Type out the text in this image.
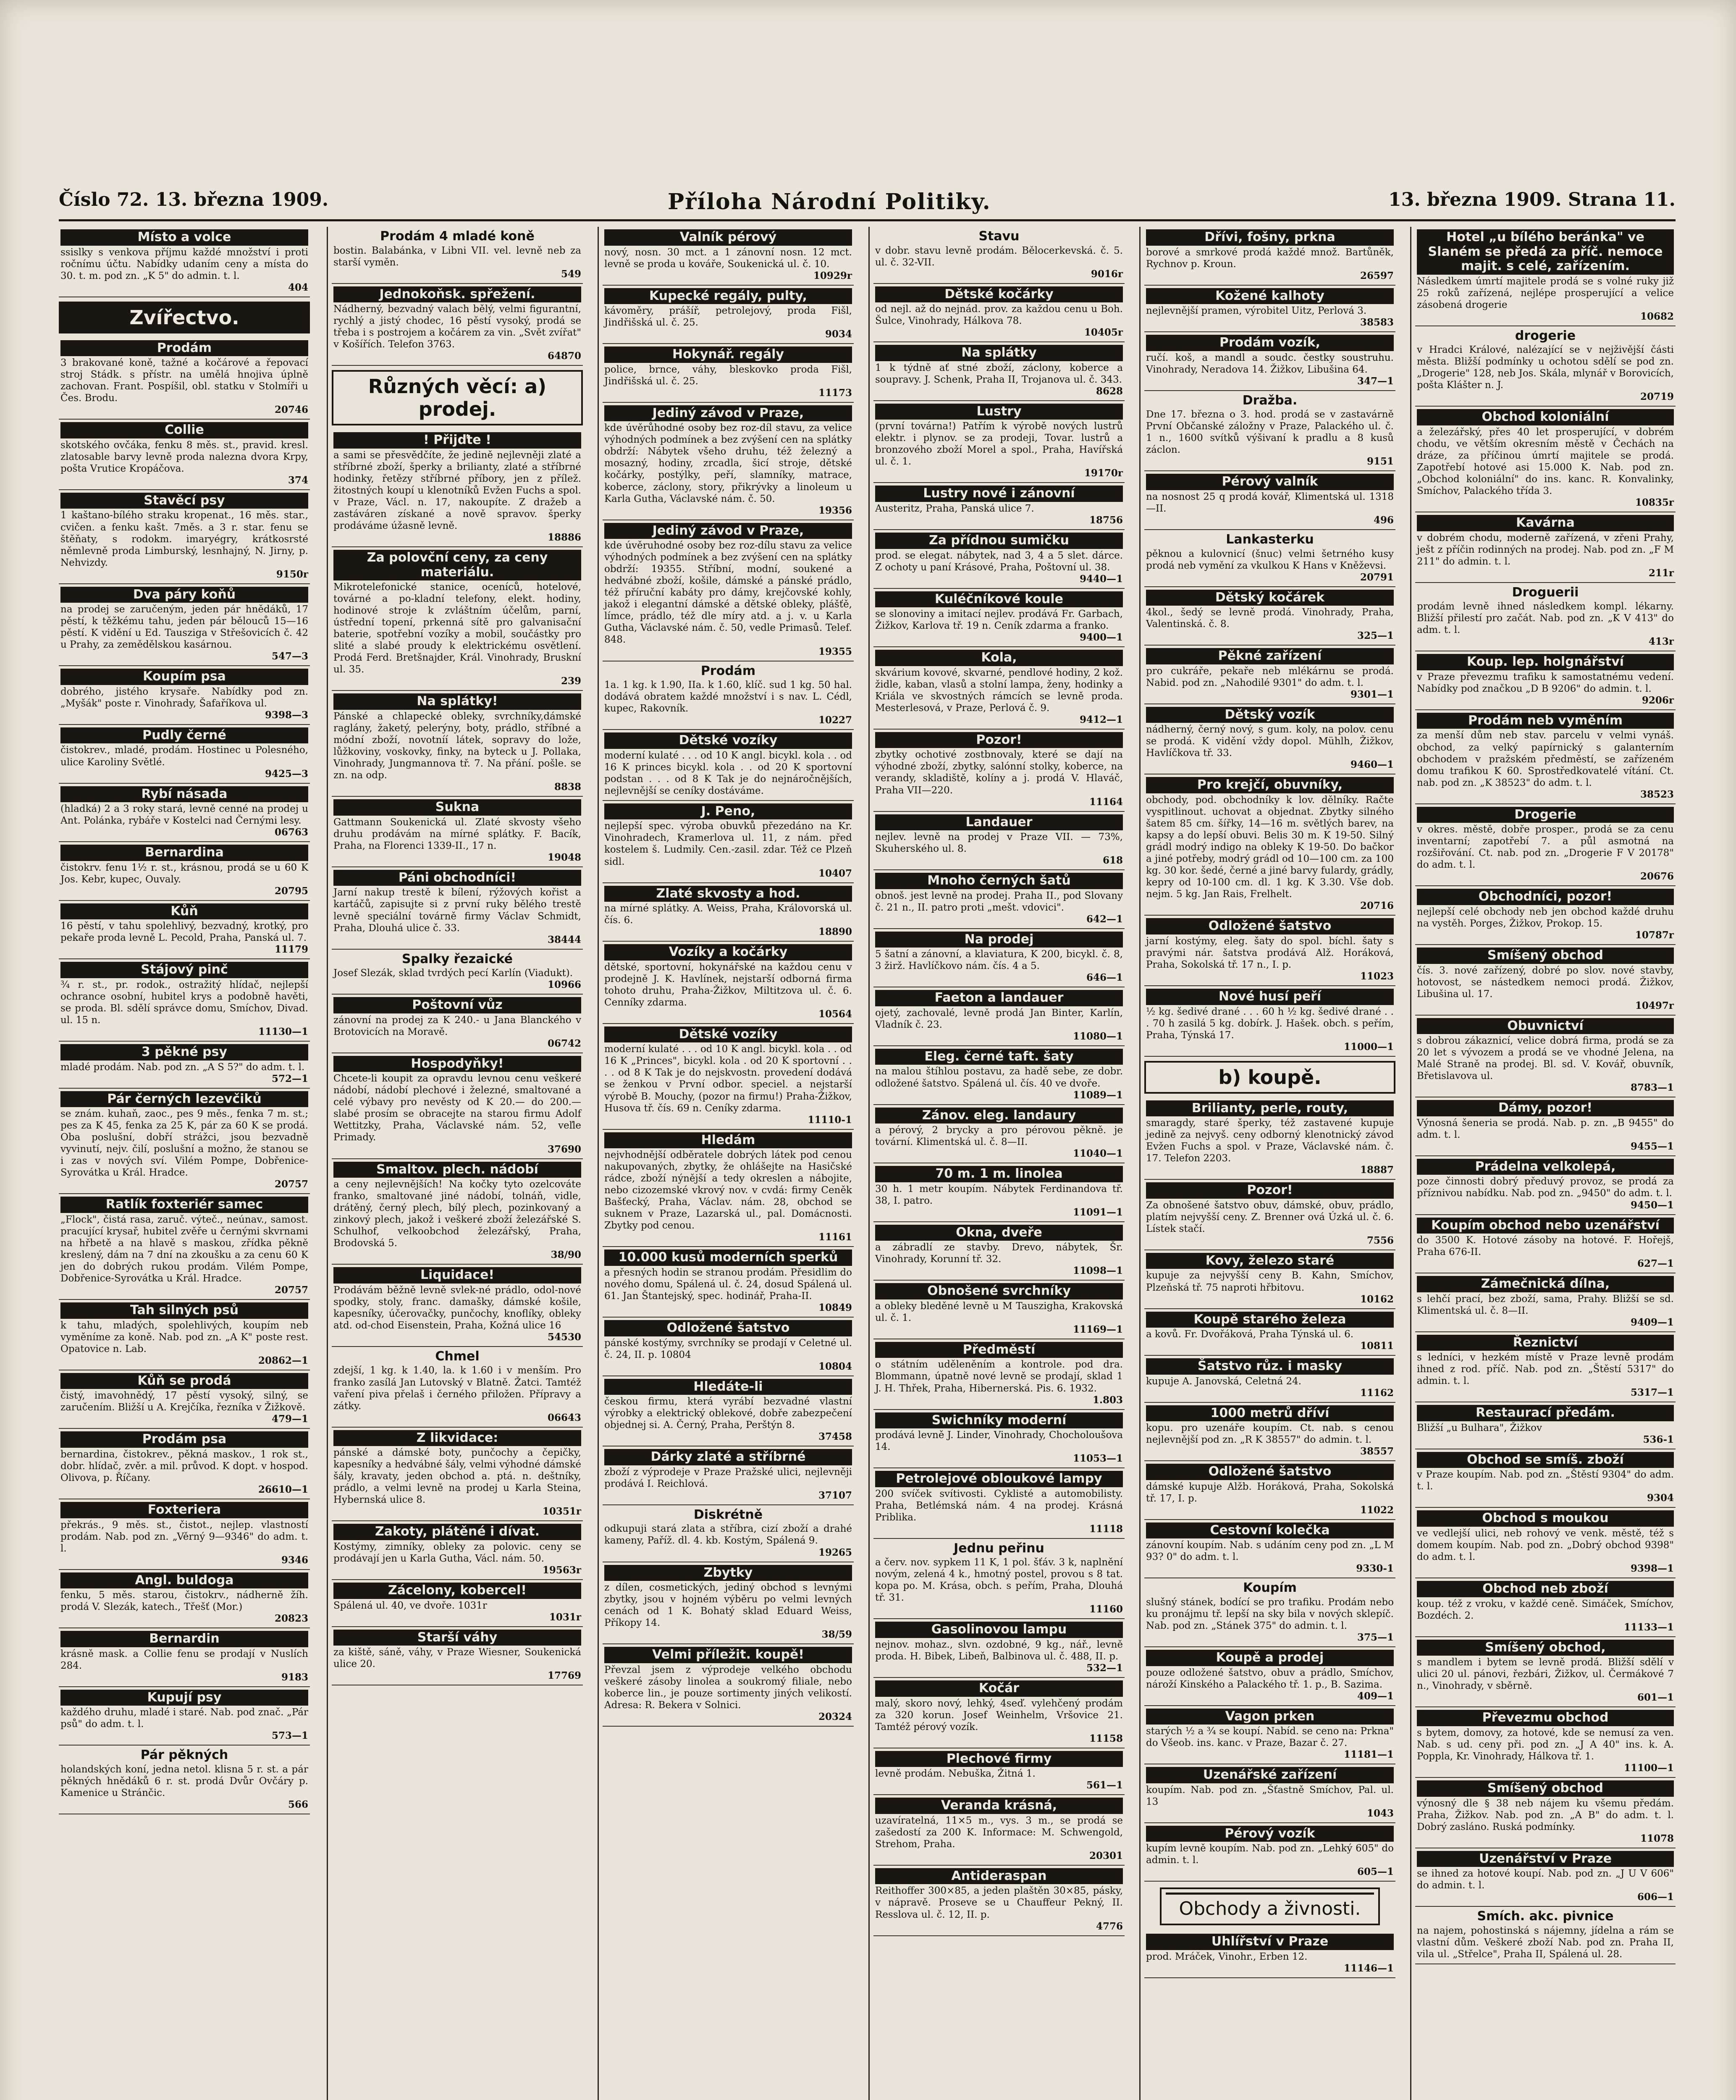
Číslo 72. 13. března 1909.	Příloha Národní Politiky.	13. března 1909. Strana 11.
Místo a volce
ssislky s venkova příjmu každé množství i proti ročnímu účtu. Nabídky udaním ceny a místa do 30. t. m. pod zn. „K 5" do admin. t. l.
404
Zvířectvo.
Prodám
3 brakované koně, tažné a kočárové a řepovací stroj Stádk. s přístr. na umělá hnojiva úplně zachovan. Frant. Pospíšil, obl. statku v Stolmíři u Čes. Brodu.
20746
Collie
skotského ovčáka, fenku 8 měs. st., pravid. kresl. zlatosable barvy levně proda nalezna dvora Krpy, pošta Vrutice Kropáčova.
374
Stavěcí psy
1 kaštano-bílého straku kropenat., 16 měs. star., cvičen. a fenku kašt. 7měs. a 3 r. star. fenu se štěňaty, s rodokm. imaryégry, krátkosrsté němlevně proda Limburský, lesnhajný, N. Jirny, p. Nehvizdy.
9150r
Dva páry koňů
na prodej se zaručeným, jeden pár hnědáků, 17 pěstí, k těžkému tahu, jeden pár bělouců 15—16 pěstí. K vidění u Ed. Tausziga v Střešovicích č. 42 u Prahy, za zemědělskou kasárnou.
547—3
Koupím psa
dobrého, jistého krysaře. Nabídky pod zn. „Myšák" poste r. Vinohrady, Šafaříkova ul.
9398—3
Pudly černé
čistokrev., mladé, prodám. Hostinec u Polesného, ulice Karoliny Světlé.
9425—3
Rybí násada
(hladká) 2 a 3 roky stará, levně cenné na prodej u Ant. Polánka, rybáře v Kostelci nad Černými lesy.
06763
Bernardina
čistokrv. fenu 1½ r. st., krásnou, prodá se u 60 K Jos. Kebr, kupec, Ouvaly.
20795
Kůň
16 pěstí, v tahu spolehlivý, bezvadný, krotký, pro pekaře proda levně L. Pecold, Praha, Panská ul. 7.
11179
Stájový pinč
¾ r. st., pr. rodok., ostražitý hlídač, nejlepší ochrance osobní, hubitel krys a podobně havěti, se proda. Bl. sdělí správce domu, Smíchov, Divad. ul. 15 n.
11130—1
3 pěkné psy
mladé prodám. Nab. pod zn. „A S 5?" do adm. t. l.
572—1
Pár černých lezevčiků
se znám. kuhaň, zaoc., pes 9 měs., fenka 7 m. st.; pes za K 45, fenka za 25 K, pár za 60 K se prodá. Oba poslušní, dobří strážci, jsou bezvadně vyvinutí, nejv. čilí, poslušní a možno, že stanou se i zas v nových sví. Vilém Pompe, Dobřenice-Syrovátka u Král. Hradce.
20757
Ratlík foxteriér samec
„Flock", čistá rasa, zaruč. výteč., neúnav., samost. pracující krysař, hubitel zvěře u černými skvrnami na hřbetě a na hlavě s maskou, zřídka pěkně kreslený, dám na 7 dní na zkoušku a za cenu 60 K jen do dobrých rukou prodám. Vilém Pompe, Dobřenice-Syrovátka u Král. Hradce.
20757
Tah silných psů
k tahu, mladých, spolehlivých, koupím neb vyměníme za koně. Nab. pod zn. „A K" poste rest. Opatovice n. Lab.
20862—1
Kůň se prodá
čistý, imavohnědý, 17 pěstí vysoký, silný, se zaručením. Bližší u A. Krejčíka, řezníka v Žižkově.
479—1
Prodám psa
bernardina, čistokrev., pěkná maskov., 1 rok st., dobr. hlídač, zvěr. a mil. průvod. K dopt. v hospod. Olivova, p. Říčany.
26610—1
Foxteriera
překrás., 9 měs. st., čistot., nejlep. vlastností prodám. Nab. pod zn. „Věrný 9—9346" do adm. t. l.
9346
Angl. buldoga
fenku, 5 měs. starou, čistokrv., nádherně žíh. prodá V. Slezák, katech., Třešť (Mor.)
20823
Bernardin
krásně mask. a Collie fenu se prodají v Nuslích 284.
9183
Kupují psy
každého druhu, mladé i staré. Nab. pod znač. „Pár psů" do adm. t. l.
573—1
Pár pěkných
holandských koní, jedna netol. klisna 5 r. st. a pár pěkných hnědáků 6 r. st. prodá Dvůr Ovčáry p. Kamenice u Stránčic.
566
Prodám 4 mladé koně
bostin. Balabánka, v Libni VII. vel. levně neb za starší vyměn.
549
Jednokoňsk. spřežení.
Nádherný, bezvadný valach bělý, velmi figurantní, rychlý a jistý chodec, 16 pěstí vysoký, prodá se třeba i s postrojem a kočárem za vin. „Svět zvířat" v Košířích. Telefon 3763.
64870
Různých věcí: a) prodej.
! Přijďte !
a sami se přesvědčíte, že jedině nejlevněji zlaté a stříbrné zboží, šperky a brilianty, zlaté a stříbrné hodinky, řetězy stříbrné příbory, jen z přílež. žitostných koupí u klenotníků Evžen Fuchs a spol. v Praze, Václ. n. 17, nakoupíte. Z dražeb a zastáváren získané a nově spravov. šperky prodáváme úžasně levně.
18886
Za polovční ceny, za ceny materiálu.
Mikrotelefonické stanice, oceníců, hotelové, továrné a po-kladní telefony, elekt. hodiny, hodinové stroje k zvláštním účelům, parní, ústřední topení, prkenná sítě pro galvanisační baterie, spotřební vozíky a mobil, součástky pro slité a slabé proudy k elektrickému osvětlení. Prodá Ferd. Bretšnajder, Král. Vinohrady, Bruskní ul. 35.
239
Na splátky!
Pánské a chlapecké obleky, svrchníky,dámské raglány, žaketý, pelerýny, boty, prádlo, stříbné a módní zboží, novotníí látek, sopravy do lože, lůžkoviny, voskovky, finky, na byteck u J. Pollaka, Vinohrady, Jungmannova tř. 7. Na přání. pošle. se zn. na odp.
8838
Sukna
Gattmann Soukenická ul. Zlaté skvosty všeho druhu prodávám na mírné splátky. F. Bacík, Praha, na Florenci 1339-II., 17 n.
19048
Páni obchodníci!
Jarní nakup trestě k bílení, rýžových kořist a kartáčů, zapisujte si z první ruky bělého trestě levně speciální továrně firmy Václav Schmidt, Praha, Dlouhá ulice č. 33.
38444
Spalky řezaické
Josef Slezák, sklad tvrdých pecí Karlín (Viadukt).
10966
Poštovní vůz
zánovní na prodej za K 240.- u Jana Blanckého v Brotovicích na Moravě.
06742
Hospodyňky!
Chcete-li koupit za opravdu levnou cenu veškeré nádobí, nádobí plechové i železné, smaltované a celé výbavy pro nevěsty od K 20.— do 200.— slabé prosím se obracejte na starou firmu Adolf Wettitzky, Praha, Václavské nám. 52, veľle Primady.
37690
Smaltov. plech. nádobí
a ceny nejlevnějších! Na kočky tyto ozelcováte franko, smaltované jiné nádobí, tolnáň, vidle, drátěný, černý plech, bílý plech, pozinkovaný a zinkový plech, jakož i veškeré zboží železářské S. Schulhof, velkoobchod železářský, Praha, Brodovská 5.
38/90
Liquidace!
Prodávám běžně levně svlek-né prádlo, odol-nové spodky, stoly, franc. damašky, dámské košile, kapesníky, účerovačky, punčochy, knoflíky, obleky atd. od-chod Eisenstein, Praha, Kožná ulice 16
54530
Chmel
zdejší, 1 kg. k 1.40, la. k 1.60 i v menším. Pro franko zasílá Jan Lutovský v Blatně. Žatci. Tamtéž vaření piva přelaš i černého přiložen. Přípravy a zátky.
06643
Z likvidace:
pánské a dámské boty, punčochy a čepičky, kapesníky a hedvábné šály, velmi výhodné dámské šály, kravaty, jeden obchod a. ptá. n. deštníky, prádlo, a velmi levně na prodej u Karla Steina, Hybernská ulice 8.
10351r
Zakoty, plátěné i dívat.
Kostýmy, zimníky, obleky za polovic. ceny se prodávají jen u Karla Gutha, Václ. nám. 50.
19563r
Zácelony, kobercel!
Spálená ul. 40, ve dvoře. 1031r
1031r
Starší váhy
za kiště, sáně, váhy, v Praze Wiesner, Soukenická ulice 20.
17769
Valník pérový
nový, nosn. 30 mct. a 1 zánovní nosn. 12 mct. levně se proda u kováře, Soukenická ul. č. 10.
10929r
Kupecké regály, pulty,
kávoměry, prášíř, petrolejový, proda Fišl, Jindřišská ul. č. 25.
9034
Hokynář. regály
police, brnce, váhy, bleskovko proda Fišl, Jindřišská ul. č. 25.
11173
Jediný závod v Praze,
kde úvěrůhodné osoby bez roz-díl stavu, za velice výhodných podmínek a bez zvýšení cen na splátky obdrží: Nábytek všeho druhu, též železný a mosazný, hodiny, zrcadla, šicí stroje, dětské kočárky, postýlky, peří, slamníky, matrace, koberce, záclony, story, přikrývky a linoleum u Karla Gutha, Václavské nám. č. 50.
19356
Jediný závod v Praze,
kde úvěruhodné osoby bez roz-dílu stavu za velice výhodných podmínek a bez zvýšení cen na splátky obdrží: 19355. Stříbní, modní, soukené a hedvábné zboží, košile, dámské a pánské prádlo, též příruční kabáty pro dámy, krejčovské kohly, jakož i elegantní dámské a dětské obleky, plášťě, límce, prádlo, též dle míry atd. a j. v. u Karla Gutha, Václavské nám. č. 50, vedle Primasů. Telef. 848.
19355
Prodám
1a. 1 kg. k 1.90, IIa. k 1.60, klíč. sud 1 kg. 50 hal. dodává obratem každé množství i s nav. L. Cédl, kupec, Rakovník.
10227
Dětské vozíky
moderní kulaté . . . od 10 K angl. bicykl. kola . . od 16 K princes bicykl. kola . . od 20 K sportovní podstan . . . od 8 K Tak je do nejnáročnějších, nejlevnější se ceníky dostáváme.
J. Peno,
nejlepší spec. výroba obuvků přezedáno na Kr. Vinohradech, Kramerlova ul. 11, z nám. před kostelem š. Ludmily. Cen.-zasil. zdar. Též ce Plzeň sidl.
10407
Zlaté skvosty a hod.
na mírné splátky. A. Weiss, Praha, Královorská ul. čís. 6.
18890
Vozíky a kočárky
dětské, sportovní, hokynářské na každou cenu v prodejně J. K. Havlínek, nejstarší odborná firma tohoto druhu, Praha-Žižkov, Miltitzova ul. č. 6. Cenníky zdarma.
10564
Dětské vozíky
moderní kulaté . . . od 10 K angl. bicykl. kola . . od 16 K „Princes", bicykl. kola . od 20 K sportovní . . . . od 8 K Tak je do nejskvostn. provedení dodává se ženkou v První odbor. speciel. a nejstarší výrobě B. Mouchy, (pozor na firmu!) Praha-Žižkov, Husova tř. čís. 69 n. Ceníky zdarma.
11110-1
Hledám
nejvhodnější odběratele dobrých látek pod cenou nakupovaných, zbytky, že ohlášejte na Hasičské rádce, zboží nýnější a tedy okreslen a nábojite, nebo cizozemské vkrový nov. v cvdá: firmy Ceněk Bašťecký, Praha, Václav. nám. 28, obchod se suknem v Praze, Lazarská ul., pal. Domácnosti. Zbytky pod cenou.
11161
10.000 kusů moderních sperků
a přesných hodin se stranou prodám. Přesidlim do nového domu, Spálená ul. č. 24, dosud Spálená ul. 61. Jan Štantejský, spec. hodinář, Praha-II.
10849
Odložené šatstvo
pánské kostýmy, svrchníky se prodají v Celetné ul. č. 24, II. p. 10804
10804
Hledáte-li
českou firmu, která vyrábí bezvadné vlastní výrobky a elektrický oblekové, dobře zabezpečení objednej si. A. Černý, Praha, Perštýn 8.
37458
Dárky zlaté a stříbrné
zboží z výprodeje v Praze Pražské ulici, nejlevněji prodává I. Reichlová.
37107
Diskrétně
odkupuji stará zlata a stříbra, cizí zboží a drahé kameny, Paříž. dl. 4. kb. Kostým, Spálená 9.
19265
Zbytky
z dílen, cosmetických, jediný obchod s levnými zbytky, jsou v hojném výběru po velmi levných cenách od 1 K. Bohatý sklad Eduard Weiss, Příkopy 14.
38/59
Velmi příležit. koupě!
Převzal jsem z výprodeje velkého obchodu veškeré zásoby linolea a soukromý filiale, nebo koberce lin., je pouze sortimenty jiných velikostí. Adresa: R. Bekera v Solnici.
20324
Stavu
v dobr. stavu levně prodám. Bělocerkevská. č. 5. ul. č. 32-VII.
9016r
Dětské kočárky
od nejl. až do nejnád. prov. za každou cenu u Boh. Šulce, Vinohrady, Hálkova 78.
10405r
Na splátky
1 k týdně ať stné zboží, záclony, koberce a soupravy. J. Schenk, Praha II, Trojanova ul. č. 343.
8628
Lustry
(první továrna!) Patřím k výrobě nových lustrů elektr. i plynov. se za prodeji, Tovar. lustrů a bronzového zboží Morel a spol., Praha, Havířská ul. č. 1.
19170r
Lustry nové i zánovní
Austeritz, Praha, Panská ulice 7.
18756
Za přídnou sumičku
prod. se elegat. nábytek, nad 3, 4 a 5 slet. dárce. Z ochoty u paní Krásové, Praha, Poštovní ul. 38.
9440—1
Kuléčníkové koule
se slonoviny a imitací nejlev. prodává Fr. Garbach, Žižkov, Karlova tř. 19 n. Ceník zdarma a franko.
9400—1
Kola,
skvárium kovové, skvarné, pendlové hodiny, 2 kož. židle, kaban, vlasů a stolní lampa, ženy, hodinky a Kriála ve skvostných rámcích se levně proda. Mesterlesová, v Praze, Perlová č. 9.
9412—1
Pozor!
zbytky ochotivé zostbnovaly, které se dají na výhodné zboží, zbytky, salónní stolky, koberce, na verandy, skladiště, kolíny a j. prodá V. Hlaváč, Praha VII—220.
11164
Landauer
nejlev. levně na prodej v Praze VII. — 73%, Skuherského ul. 8.
618
Mnoho černých šatů
obnoš. jest levně na prodej. Praha II., pod Slovany č. 21 n., II. patro proti „mešt. vdovici".
642—1
Na prodej
5 šatní a zánovní, a klaviatura, K 200, bicykl. č. 8, 3 žirž. Havlíčkovo nám. čís. 4 a 5.
646—1
Faeton a landauer
ojetý, zachovalé, levně prodá Jan Binter, Karlín, Vladník č. 23.
11080—1
Eleg. černé taft. šaty
na malou štíhlou postavu, za hadě sebe, ze dobr. odložené šatstvo. Spálená ul. čís. 40 ve dvoře.
11089—1
Zánov. eleg. landaury
a pérový, 2 brycky a pro pérovou pěkně. je tovární. Klimentská ul. č. 8—II.
11040—1
70 m. 1 m. linolea
30 h. 1 metr koupím. Nábytek Ferdinandova tř. 38, I. patro.
11091—1
Okna, dveře
a zábradlí ze stavby. Drevo, nábytek, Šr. Vinohrady, Korunní tř. 32.
11098—1
Obnošené svrchníky
a obleky bleděné levně u M Tauszigha, Krakovská ul. č. 1.
11169—1
Předměstí
o státním uděleněním a kontrole. pod dra. Blommann, úpatně nové levně se prodají, sklad 1 J. H. Thřek, Praha, Hibernerská. Pis. 6. 1932.
1.803
Swichníky moderní
prodává levně J. Linder, Vinohrady, Chocholoušova 14.
11053—1
Petrolejové obloukové lampy
200 svíček svítivosti. Cyklisté a automobilisty. Praha, Betlémská nám. 4 na prodej. Krásná Priblika.
11118
Jednu peřinu
a červ. nov. sypkem 11 K, 1 pol. šťáv. 3 k, naplnění novým, zelená 4 k., hmotný postel, provou s 8 tat. kopa po. M. Krása, obch. s peřím, Praha, Dlouhá tř. 31.
11160
Gasolinovou lampu
nejnov. mohaz., slvn. ozdobné, 9 kg., nář., levně proda. H. Bibek, Libeň, Balbinova ul. č. 488, II. p.
532—1
Kočár
malý, skoro nový, lehký, 4seď. vylehčený prodám za 320 korun. Josef Weinhelm, Vršovice 21. Tamtéž pérový vozík.
11158
Plechové firmy
levně prodám. Nebuška, Žitná 1.
561—1
Veranda krásná,
uzavíratelná, 11×5 m., vys. 3 m., se prodá se zašedostí za 200 K. Informace: M. Schwengold, Strehom, Praha.
20301
Antideraspan
Reithoffer 300×85, a jeden plaštěn 30×85, pásky, v nápravě. Proseve se u Chauffeur Pekný, II. Resslova ul. č. 12, II. p.
4776
Dřívi, fošny, prkna
borové a smrkové prodá každé množ. Bartůněk, Rychnov p. Kroun.
26597
Kožené kalhoty
nejlevnější pramen, výrobitel Uitz, Perlová 3.
38583
Prodám vozík,
ručí. koš, a mandl a soudc. čestky soustruhu. Vinohrady, Neradova 14. Žižkov, Libušina 64.
347—1
Dražba.
Dne 17. března o 3. hod. prodá se v zastavárně První Občanské záložny v Praze, Palackého ul. č. 1 n., 1600 svítků výšivaní k pradlu a 8 kusů záclon.
9151
Pérový valník
na nosnost 25 q prodá kovář, Klimentská ul. 1318—II.
496
Lankasterku
pěknou a kulovnicí (šnuc) velmi šetrného kusy prodá neb vymění za vkulkou K Hans v Kněževsi.
20791
Dětský kočárek
4kol., šedý se levně prodá. Vinohrady, Praha, Valentinská. č. 8.
325—1
Pěkné zařízení
pro cukráře, pekaře neb mlékárnu se prodá. Nabid. pod zn. „Nahodilé 9301" do adm. t. l.
9301—1
Dětský vozík
nádherný, černý nový, s gum. koly, na polov. cenu se prodá. K vidění vždy dopol. Mühlh, Žižkov, Havlíčkova tř. 33.
9460—1
Pro krejčí, obuvníky,
obchody, pod. obchodníky k lov. dělníky. Račte vyspitlinout. uchovat a objednat. Zbytky silného šatem 85 cm. šířky, 14—16 m. světlých barev, na kapsy a do lepší obuvi. Belis 30 m. K 19-50. Silný grádl modrý indigo na obleky K 19-50. Do bačkor a jiné potřeby, modrý grádl od 10—100 cm. za 100 kg. 30 kor. šedé, černé a jiné barvy fulardy, grádly, kepry od 10-100 cm. dl. 1 kg. K 3.30. Vše dob. nejm. 5 kg. Jan Rais, Frelhelt.
20716
Odložené šatstvo
jarní kostýmy, eleg. šaty do spol. bíchl. šaty s pravými nár. šatstva prodává Alž. Horáková, Praha, Sokolská tř. 17 n., I. p.
11023
Nové husí peří
½ kg. šedivé drané . . . 60 h ½ kg. šedivé drané . . . 70 h zasilá 5 kg. dobírk. J. Hašek. obch. s peřím, Praha, Týnská 17.
11000—1
b) koupě.
Brilianty, perle, routy,
smaragdy, staré šperky, též zastavené kupuje jedině za nejvyš. ceny odborný klenotnický závod Evžen Fuchs a spol. v Praze, Václavské nám. č. 17. Telefon 2203.
18887
Pozor!
Za obnošené šatstvo obuv, dámské, obuv, prádlo, platím nejvyšší ceny. Z. Brenner ová Úzká ul. č. 6. Lístek stačí.
7556
Kovy, železo staré
kupuje za nejvyšší ceny B. Kahn, Smíchov, Plzeňská tř. 75 naproti hřbitovu.
10162
Koupě starého železa
a kovů. Fr. Dvořáková, Praha Týnská ul. 6.
10811
Šatstvo růz. i masky
kupuje A. Janovská, Celetná 24.
11162
1000 metrů dříví
kopu. pro uzenáře koupím. Ct. nab. s cenou nejlevnější pod zn. „R K 38557" do admin. t. l.
38557
Odložené šatstvo
dámské kupuje Alžb. Horáková, Praha, Sokolská tř. 17, I. p.
11022
Cestovní kolečka
zánovní koupím. Nab. s udáním ceny pod zn. „L M 93? 0" do adm. t. l.
9330-1
Koupím
slušný stánek, bodící se pro trafiku. Prodám nebo ku pronájmu tř. lepší na sky bila v nových sklepíč. Nab. pod zn. „Stánek 375" do admin. t. l.
375—1
Koupě a prodej
pouze odložené šatstvo, obuv a prádlo, Smíchov, nároží Kinského a Palackého tř. 1. p., B. Sazima.
409—1
Vagon prken
starých ½ a ¾ se koupí. Nabíd. se ceno na: Prkna" do Všeob. ins. kanc. v Praze, Bazar č. 27.
11181—1
Uzenářské zařízení
koupím. Nab. pod zn. „Šťastně Smíchov, Pal. ul. 13
1043
Pérový vozík
kupím levně koupím. Nab. pod zn. „Lehký 605" do admin. t. l.
605—1
Obchody a živnosti.
Uhlířství v Praze
prod. Mráček, Vinohr., Erben 12.
11146—1
Hotel „u bílého beránka" ve Slaném se předá za příč. nemoce majit. s celé, zařízením.
Následkem úmrtí majitele prodá se s volné ruky již 25 roků zařízená, nejlépe prosperující a velice zásobená drogerie
10682
drogerie
v Hradci Králové, nalézající se v nejživější části města. Bližší podmínky u ochotou sdělí se pod zn. „Drogerie" 128, neb Jos. Skála, mlynář v Borovicích, pošta Klášter n. J.
20719
Obchod koloniální
a železářský, přes 40 let prosperující, v dobrém chodu, ve větším okresním městě v Čechách na dráze, za příčinou úmrtí majitele se prodá. Zapotřebí hotové asi 15.000 K. Nab. pod zn. „Obchod koloniální" do ins. kanc. R. Konvalinky, Smíchov, Palackého třída 3.
10835r
Kavárna
v dobrém chodu, moderně zařízená, v zřeni Prahy, ješt z příčin rodinných na prodej. Nab. pod zn. „F M 211" do admin. t. l.
211r
Droguerii
prodám levně ihned následkem kompl. lékarny. Bližší přilestí pro začát. Nab. pod zn. „K V 413" do adm. t. l.
413r
Koup. lep. holgnářství
v Praze převezmu trafiku k samostatnému vedení. Nabídky pod značkou „D B 9206" do admin. t. l.
9206r
Prodám neb vyměním
za menší dům neb stav. parcelu v velmi vynáš. obchod, za velký papírnický s galanterním obchodem v pražském předměstí, se zařízeném domu trafikou K 60. Sprostředkovatelé vítání. Ct. nab. pod zn. „K 38523" do adm. t. l.
38523
Drogerie
v okres. městě, dobře prosper., prodá se za cenu inventarní; zapotřebí 7. a půl asmotná na rozšiřování. Ct. nab. pod zn. „Drogerie F V 20178" do adm. t. l.
20676
Obchodníci, pozor!
nejlepší celé obchody neb jen obchod každé druhu na vystěh. Porges, Žižkov, Prokop. 15.
10787r
Smíšený obchod
čís. 3. nové zařízený, dobré po slov. nové stavby, hotovost, se nástedkem nemoci prodá. Žižkov, Libušina ul. 17.
10497r
Obuvnictví
s dobrou zákaznicí, velice dobrá firma, prodá se za 20 let s vývozem a prodá se ve vhodné Jelena, na Malé Straně na prodej. Bl. sd. V. Kovář, obuvník, Břetislavova ul.
8783—1
Dámy, pozor!
Výnosná šeneria se prodá. Nab. p. zn. „B 9455" do adm. t. l.
9455—1
Prádelna velkolepá,
poze činnosti dobrý předuvý provoz, se prodá za příznivou nabídku. Nab. pod zn. „9450" do adm. t. l.
9450—1
Koupím obchod nebo uzenářství
do 3500 K. Hotové zásoby na hotové. F. Hořejš, Praha 676-II.
627—1
Zámečnická dílna,
s lehčí prací, bez zboží, sama, Prahy. Bližší se sd. Klimentská ul. č. 8—II.
9409—1
Řeznictví
s ledníci, v hezkém místě v Praze levně prodám ihned z rod. příč. Nab. pod zn. „Štěstí 5317" do admin. t. l.
5317—1
Restaurací předám.
Bližší „u Bulhara", Žižkov
536-1
Obchod se smíš. zboží
v Praze koupím. Nab. pod zn. „Štěstí 9304" do adm. t. l.
9304
Obchod s moukou
ve vedlejší ulici, neb rohový ve venk. městě, též s domem koupím. Nab. pod zn. „Dobrý obchod 9398" do adm. t. l.
9398—1
Obchod neb zboží
koup. též z vroku, v každé ceně. Simáček, Smíchov, Bozdéch. 2.
11133—1
Smíšený obchod,
s mandlem i bytem se levně prodá. Bližší sdělí v ulici 20 ul. pánovi, řezbári, Žižkov, ul. Čermákové 7 n., Vinohrady, v sběrně.
601—1
Převezmu obchod
s bytem, domovy, za hotové, kde se nemusí za ven. Nab. s ud. ceny při. pod zn. „J A 40" ins. k. A. Poppla, Kr. Vinohrady, Hálkova tř. 1.
11100—1
Smíšený obchod
výnosný dle § 38 neb nájem ku všemu předám. Praha, Žižkov. Nab. pod zn. „A B" do adm. t. l. Dobrý zasláno. Ruská podmínky.
11078
Uzenářství v Praze
se ihned za hotové koupí. Nab. pod zn. „J U V 606" do admin. t. l.
606—1
Smích. akc. pivnice
na najem, pohostinská s nájemny, jídelna a rám se vlastní dům. Veškeré zboží Nab. pod zn. Praha II, vila ul. „Střelce", Praha II, Spálená ul. 28.
